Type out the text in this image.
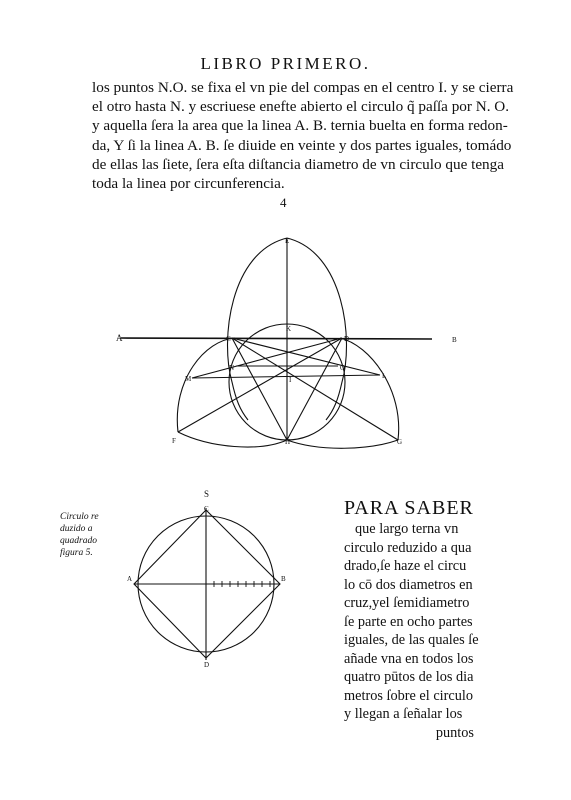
LIBRO PRIMERO.
los puntos N.O. se fixa el vn pie del compas en el centro I. y se cierra
el otro hasta N. y escriuese enefte abierto el circulo q̃ paſſa por N. O.
y aquella ſera la area que la linea A. B. ternia buelta en forma redon-
da, Y ſi la linea A. B. ſe diuide en veinte y dos partes iguales, tomádo
de ellas las ſiete, ſera eſta diſtancia diametro de vn circulo que tenga
toda la linea por circunferencia.
4
A	B
C	D
E
F	G
H
I
K
L
M
N	O
Circulo re
duzido a
quadrado
figura 5.
S
C
A	B
D
PARA SABER
que largo terna vn
circulo reduzido a qua
drado,ſe haze el circu
lo cō dos diametros en
cruz,yel ſemidiametro
ſe parte en ocho partes
iguales, de las quales ſe
añade vna en todos los
quatro pūtos de los dia
metros ſobre el circulo
y llegan a ſeñalar los
puntos
